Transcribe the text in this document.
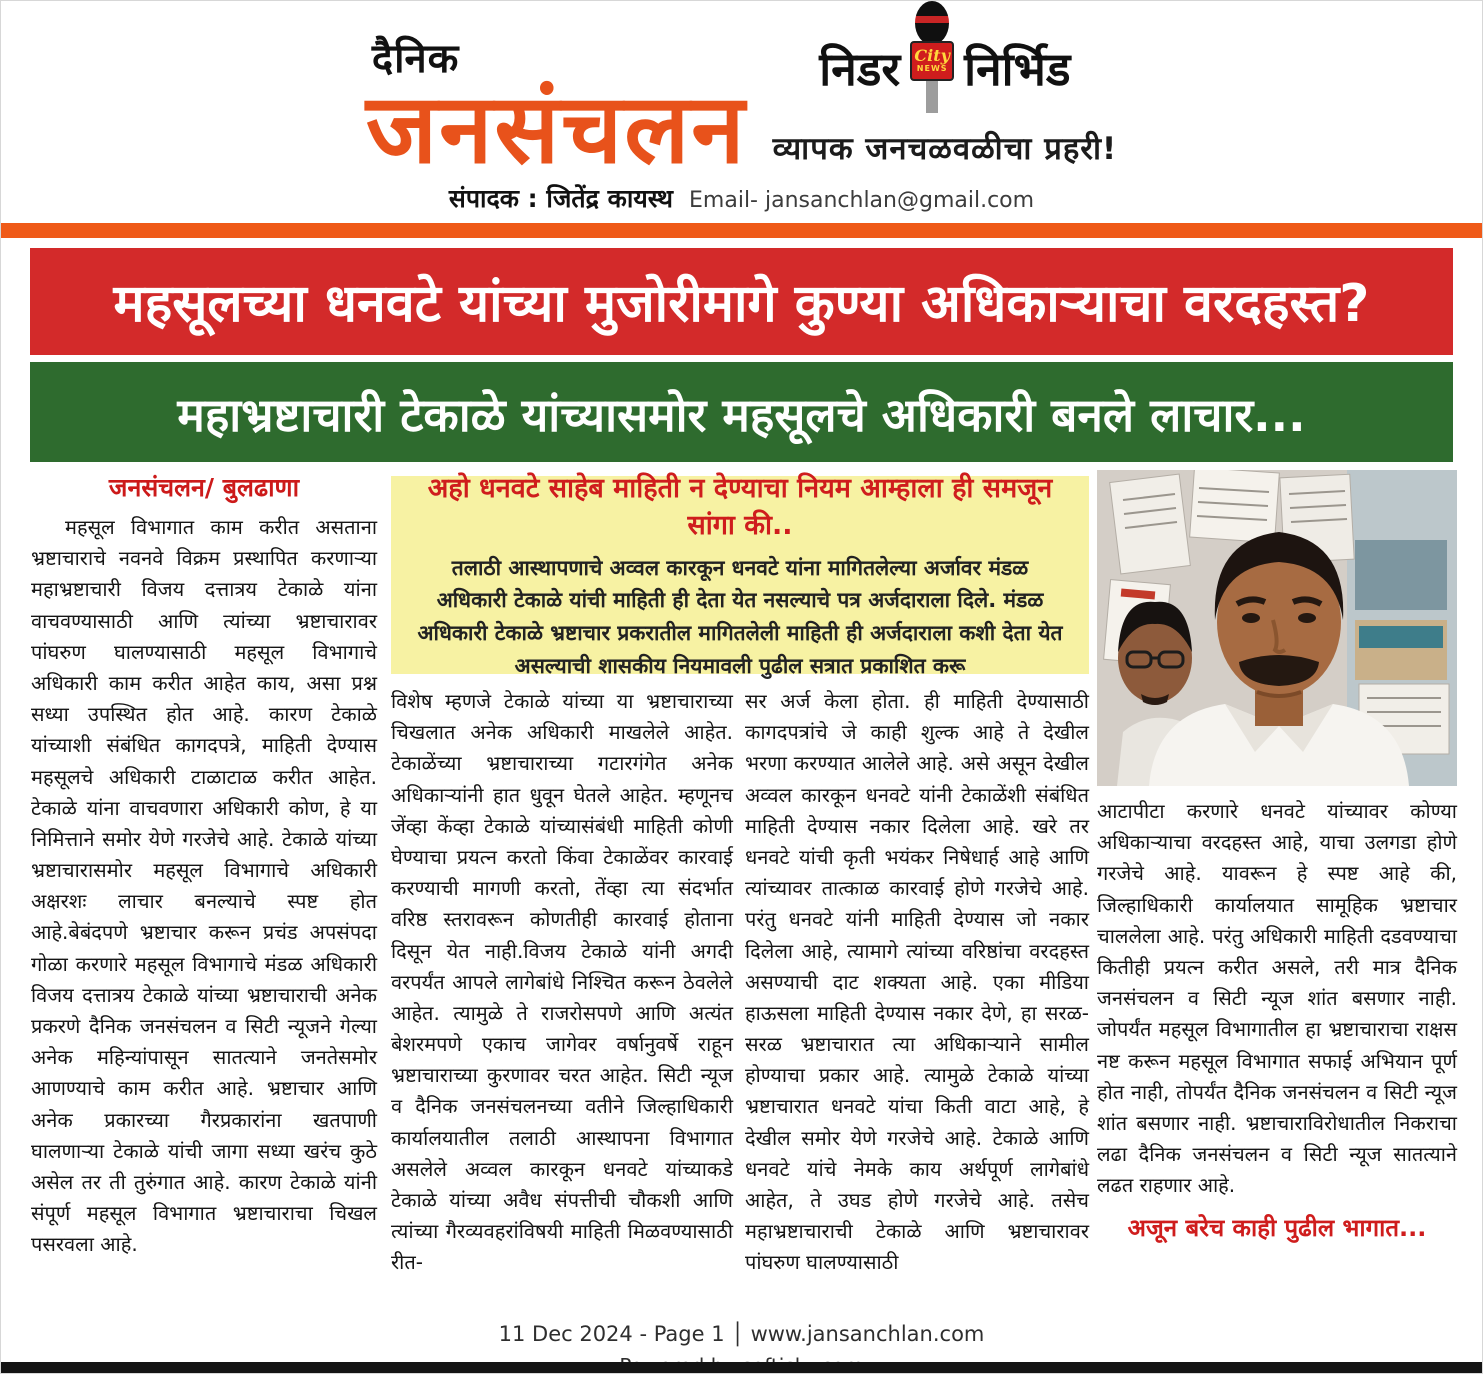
दैनिक
जनसंचलन
निडर City
NEWS निर्भिड
व्यापक जनचळवळीचा प्रहरी!
संपादक : जितेंद्र कायस्थ Email- jansanchlan@gmail.com
महसूलच्या धनवटे यांच्या मुजोरीमागे कुण्या अधिकाऱ्याचा वरदहस्त?
महाभ्रष्टाचारी टेकाळे यांच्यासमोर महसूलचे अधिकारी बनले लाचार...
जनसंचलन/ बुलढाणा

महसूल विभागात काम करीत असताना भ्रष्टाचाराचे नवनवे विक्रम प्रस्थापित करणाऱ्या महाभ्रष्टाचारी विजय दत्तात्रय टेकाळे यांना वाचवण्यासाठी आणि त्यांच्या भ्रष्टाचारावर पांघरुण घालण्यासाठी महसूल विभागाचे अधिकारी काम करीत आहेत काय, असा प्रश्न सध्या उपस्थित होत आहे. कारण टेकाळे यांच्याशी संबंधित कागदपत्रे, माहिती देण्यास महसूलचे अधिकारी टाळाटाळ करीत आहेत. टेकाळे यांना वाचवणारा अधिकारी कोण, हे या निमित्ताने समोर येणे गरजेचे आहे. टेकाळे यांच्या भ्रष्टाचारासमोर महसूल विभागाचे अधिकारी अक्षरशः लाचार बनल्याचे स्पष्ट होत आहे.बेबंदपणे भ्रष्टाचार करून प्रचंड अपसंपदा गोळा करणारे महसूल विभागाचे मंडळ अधिकारी विजय दत्तात्रय टेकाळे यांच्या भ्रष्टाचाराची अनेक प्रकरणे दैनिक जनसंचलन व सिटी न्यूजने गेल्या अनेक महिन्यांपासून सातत्याने जनतेसमोर आणण्याचे काम करीत आहे. भ्रष्टाचार आणि अनेक प्रकारच्या गैरप्रकारांना खतपाणी घालणाऱ्या टेकाळे यांची जागा सध्या खरंच कुठे असेल तर ती तुरुंगात आहे. कारण टेकाळे यांनी संपूर्ण महसूल विभागात भ्रष्टाचाराचा चिखल पसरवला आहे.

अहो धनवटे साहेब माहिती न देण्याचा नियम आम्हाला ही समजून सांगा की..
तलाठी आस्थापणाचे अव्वल कारकून धनवटे यांना मागितलेल्या अर्जावर मंडळ अधिकारी टेकाळे यांची माहिती ही देता येत नसल्याचे पत्र अर्जदाराला दिले. मंडळ अधिकारी टेकाळे भ्रष्टाचार प्रकरातील मागितलेली माहिती ही अर्जदाराला कशी देता येत असल्याची शासकीय नियमावली पुढील सत्रात प्रकाशित करू

विशेष म्हणजे टेकाळे यांच्या या भ्रष्टाचाराच्या चिखलात अनेक अधिकारी माखलेले आहेत. टेकाळेंच्या भ्रष्टाचाराच्या गटारगंगेत अनेक अधिकाऱ्यांनी हात धुवून घेतले आहेत. म्हणूनच जेंव्हा केंव्हा टेकाळे यांच्यासंबंधी माहिती कोणी घेण्याचा प्रयत्न करतो किंवा टेकाळेंवर कारवाई करण्याची मागणी करतो, तेंव्हा त्या संदर्भात वरिष्ठ स्तरावरून कोणतीही कारवाई होताना दिसून येत नाही.विजय टेकाळे यांनी अगदी वरपर्यंत आपले लागेबांधे निश्चित करून ठेवलेले आहेत. त्यामुळे ते राजरोसपणे आणि अत्यंत बेशरमपणे एकाच जागेवर वर्षानुवर्षे राहून भ्रष्टाचाराच्या कुरणावर चरत आहेत. सिटी न्यूज व दैनिक जनसंचलनच्या वतीने जिल्हाधिकारी कार्यालयातील तलाठी आस्थापना विभागात असलेले अव्वल कारकून धनवटे यांच्याकडे टेकाळे यांच्या अवैध संपत्तीची चौकशी आणि त्यांच्या गैरव्यवहरांविषयी माहिती मिळवण्यासाठी रीत-

सर अर्ज केला होता. ही माहिती देण्यासाठी कागदपत्रांचे जे काही शुल्क आहे ते देखील भरणा करण्यात आलेले आहे. असे असून देखील अव्वल कारकून धनवटे यांनी टेकाळेंशी संबंधित माहिती देण्यास नकार दिलेला आहे. खरे तर धनवटे यांची कृती भयंकर निषेधार्ह आहे आणि त्यांच्यावर तात्काळ कारवाई होणे गरजेचे आहे. परंतु धनवटे यांनी माहिती देण्यास जो नकार दिलेला आहे, त्यामागे त्यांच्या वरिष्ठांचा वरदहस्त असण्याची दाट शक्यता आहे. एका मीडिया हाऊसला माहिती देण्यास नकार देणे, हा सरळ-सरळ भ्रष्टाचारात त्या अधिकाऱ्याने सामील होण्याचा प्रकार आहे. त्यामुळे टेकाळे यांच्या भ्रष्टाचारात धनवटे यांचा किती वाटा आहे, हे देखील समोर येणे गरजेचे आहे. टेकाळे आणि धनवटे यांचे नेमके काय अर्थपूर्ण लागेबांधे आहेत, ते उघड होणे गरजेचे आहे. तसेच महाभ्रष्टाचाराची टेकाळे आणि भ्रष्टाचारावर पांघरुण घालण्यासाठी

आटापीटा करणारे धनवटे यांच्यावर कोण्या अधिकाऱ्याचा वरदहस्त आहे, याचा उलगडा होणे गरजेचे आहे. यावरून हे स्पष्ट आहे की, जिल्हाधिकारी कार्यालयात सामूहिक भ्रष्टाचार चाललेला आहे. परंतु अधिकारी माहिती दडवण्याचा कितीही प्रयत्न करीत असले, तरी मात्र दैनिक जनसंचलन व सिटी न्यूज शांत बसणार नाही. जोपर्यंत महसूल विभागातील हा भ्रष्टाचाराचा राक्षस नष्ट करून महसूल विभागात सफाई अभियान पूर्ण होत नाही, तोपर्यंत दैनिक जनसंचलन व सिटी न्यूज शांत बसणार नाही. भ्रष्टाचाराविरोधातील निकराचा लढा दैनिक जनसंचलन व सिटी न्यूज सातत्याने लढत राहणार आहे.

अजून बरेच काही पुढील भागात...
11 Dec 2024 - Page 1 │ www.jansanchlan.com
